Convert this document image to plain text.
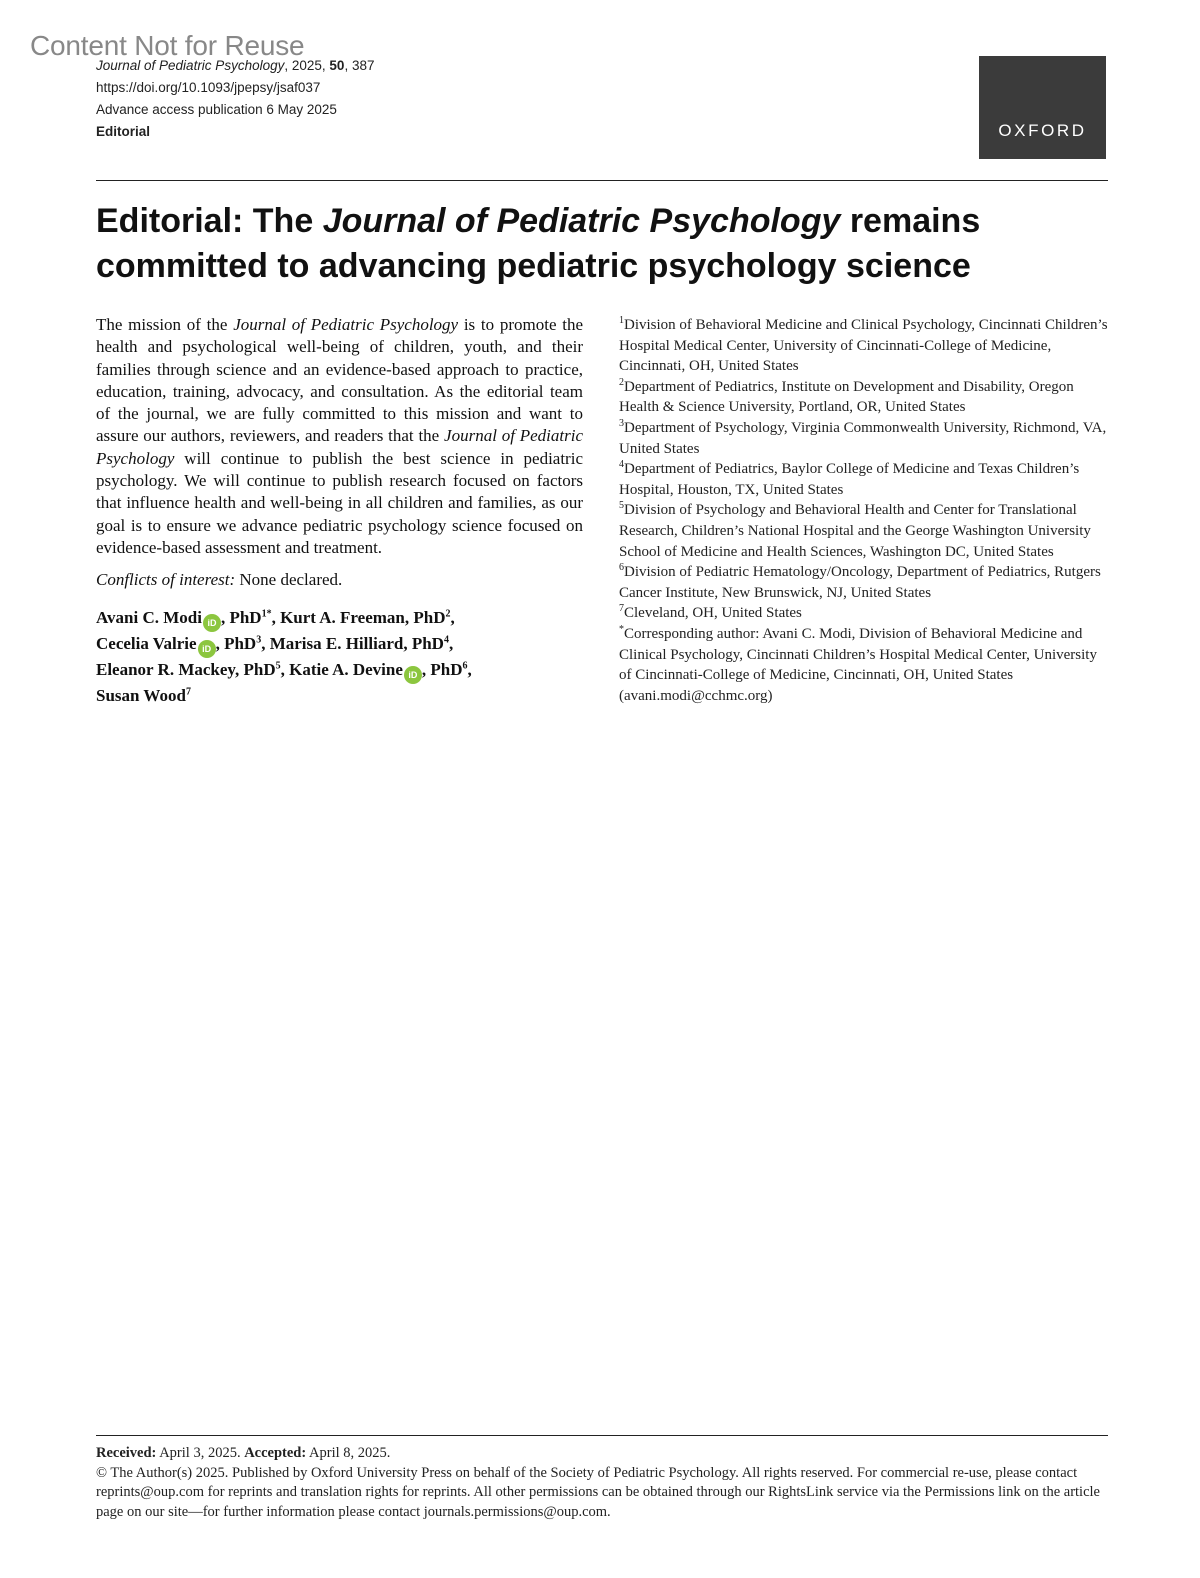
Content Not for Reuse
Journal of Pediatric Psychology, 2025, 50, 387
https://doi.org/10.1093/jpepsy/jsaf037
Advance access publication 6 May 2025
Editorial	OXFORD
Editorial: The Journal of Pediatric Psychology remains committed to advancing pediatric psychology science

The mission of the Journal of Pediatric Psychology is to promote the health and psychological well-being of children, youth, and their families through science and an evidence-based approach to practice, education, training, advocacy, and consultation. As the editorial team of the journal, we are fully committed to this mission and want to assure our authors, reviewers, and readers that the Journal of Pediatric Psychology will continue to publish the best science in pediatric psychology. We will continue to publish research focused on factors that influence health and well-being in all children and families, as our goal is to ensure we advance pediatric psychology science focused on evidence-based assessment and treatment.

Conflicts of interest: None declared.

Avani C. Modi iD , PhD$^{1*}$, Kurt A. Freeman, PhD$^2$,
Cecelia Valrie iD , PhD$^3$, Marisa E. Hilliard, PhD$^4$,
Eleanor R. Mackey, PhD$^5$, Katie A. Devine iD , PhD$^6$,
Susan Wood$^7$

$^1$Division of Behavioral Medicine and Clinical Psychology, Cincinnati Children’s Hospital Medical Center, University of Cincinnati-College of Medicine, Cincinnati, OH, United States

$^2$Department of Pediatrics, Institute on Development and Disability, Oregon Health & Science University, Portland, OR, United States

$^3$Department of Psychology, Virginia Commonwealth University, Richmond, VA, United States

$^4$Department of Pediatrics, Baylor College of Medicine and Texas Children’s Hospital, Houston, TX, United States

$^5$Division of Psychology and Behavioral Health and Center for Translational Research, Children’s National Hospital and the George Washington University School of Medicine and Health Sciences, Washington DC, United States

$^6$Division of Pediatric Hematology/Oncology, Department of Pediatrics, Rutgers Cancer Institute, New Brunswick, NJ, United States

$^7$Cleveland, OH, United States

*Corresponding author: Avani C. Modi, Division of Behavioral Medicine and Clinical Psychology, Cincinnati Children’s Hospital Medical Center, University of Cincinnati-College of Medicine, Cincinnati, OH, United States (avani.modi@cchmc.org)

Received: April 3, 2025. Accepted: April 8, 2025.

© The Author(s) 2025. Published by Oxford University Press on behalf of the Society of Pediatric Psychology. All rights reserved. For commercial re-use, please contact reprints@oup.com for reprints and translation rights for reprints. All other permissions can be obtained through our RightsLink service via the Permissions link on the article page on our site—for further information please contact journals.permissions@oup.com.
